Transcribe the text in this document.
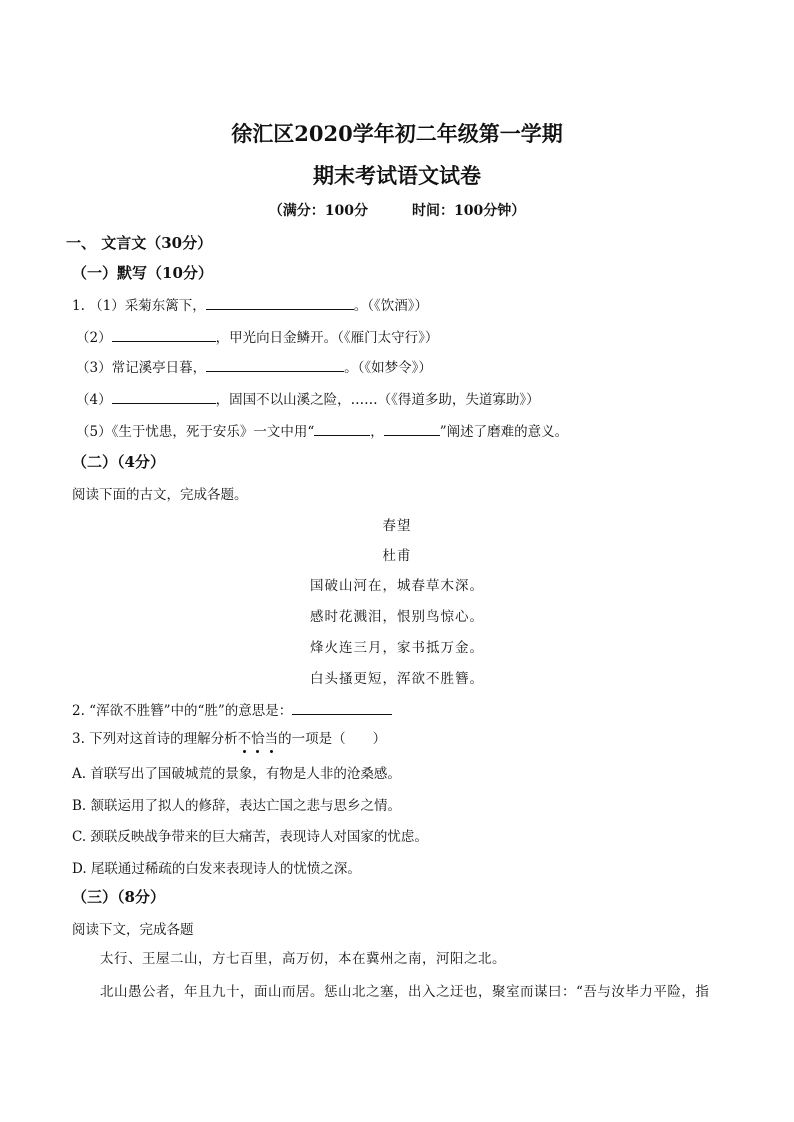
徐汇区2020学年初二年级第一学期
期末考试语文试卷
（满分：100分	时间：100分钟）
一、 文言文（30分）
（一）默写（10分）
1. （1）采菊东篱下，	。（《饮酒》）
（2）	，甲光向日金鳞开。（《雁门太守行》）
（3）常记溪亭日暮，	。（《如梦令》）
（4）	，固国不以山溪之险，……（《得道多助，失道寡助》）
（5）《生于忧患，死于安乐》一文中用“	，	”阐述了磨难的意义。
（二）（4分）
阅读下面的古文，完成各题。
春望
杜甫
国破山河在，城春草木深。
感时花溅泪，恨别鸟惊心。
烽火连三月，家书抵万金。
白头搔更短，浑欲不胜簪。
2. “浑欲不胜簪”中的“胜”的意思是：
3. 下列对这首诗的理解分析不恰当的一项是（　　）
A. 首联写出了国破城荒的景象，有物是人非的沧桑感。
B. 颔联运用了拟人的修辞，表达亡国之悲与思乡之情。
C. 颈联反映战争带来的巨大痛苦，表现诗人对国家的忧虑。
D. 尾联通过稀疏的白发来表现诗人的忧愤之深。
（三）（8分）
阅读下文，完成各题
太行、王屋二山，方七百里，高万仞，本在冀州之南，河阳之北。
北山愚公者，年且九十，面山而居。惩山北之塞，出入之迂也，聚室而谋曰：“吾与汝毕力平险，指
